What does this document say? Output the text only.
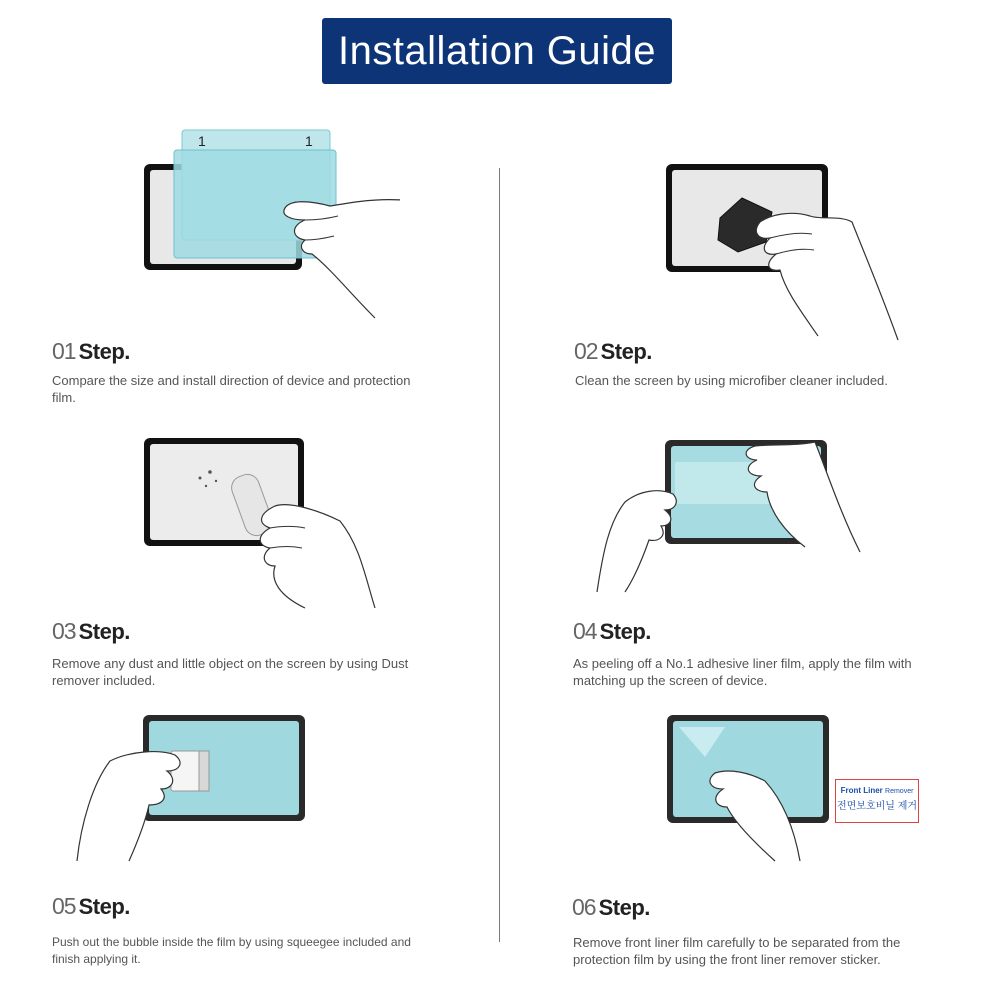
Installation Guide
1	1
Front Liner Remover
전면보호비닐 제거
01 Step.
Compare the size and install direction of device and protection film.
02 Step.
Clean the screen by using microfiber cleaner included.
03 Step.
Remove any dust and little object on the screen by using Dust remover included.
04 Step.
As peeling off a No.1 adhesive liner film, apply the film with matching up the screen of device.
05 Step.
Push out the bubble inside the film by using squeegee included and finish applying it.
06 Step.
Remove front liner film carefully to be separated from the protection film by using the front liner remover sticker.
